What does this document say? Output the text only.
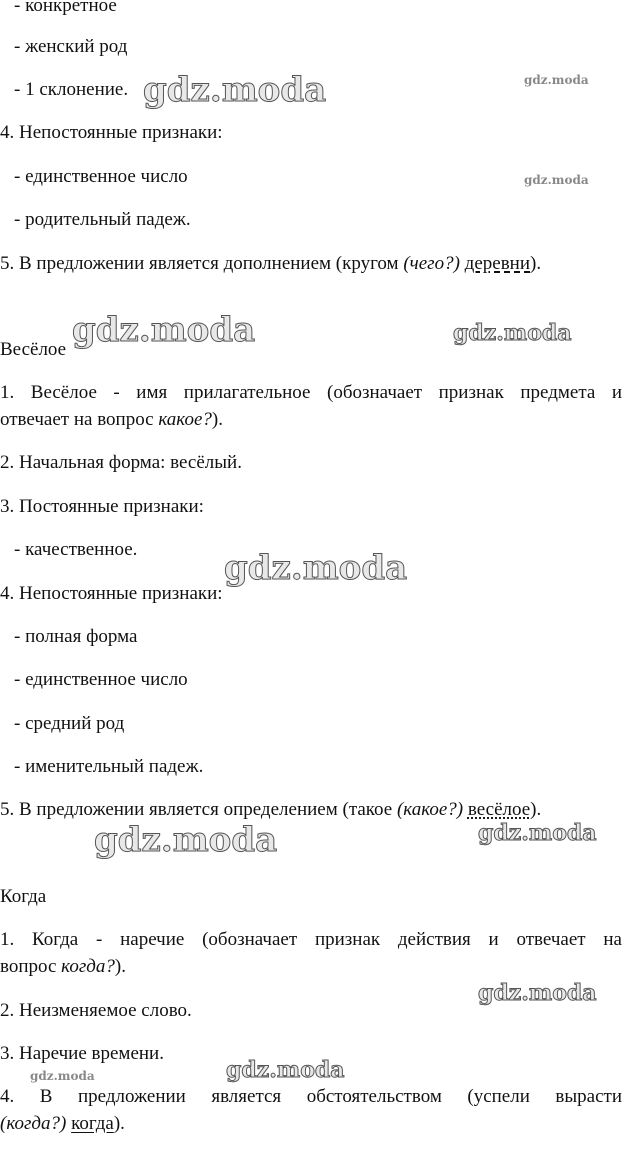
- конкретное
- женский род
- 1 склонение.
4. Непостоянные признаки:
- единственное число
- родительный падеж.
5. В предложении является дополнением (кругом (чего?) деревни).
Весёлое
1. Весёлое - имя прилагательное (обозначает признак предмета и
отвечает на вопрос какое?).
2. Начальная форма: весёлый.
3. Постоянные признаки:
- качественное.
4. Непостоянные признаки:
- полная форма
- единственное число
- средний род
- именительный падеж.
5. В предложении является определением (такое (какое?) весёлое).
Когда
1. Когда - наречие (обозначает признак действия и отвечает на
вопрос когда?).
2. Неизменяемое слово.
3. Наречие времени.
4. В предложении является обстоятельством (успели вырасти
(когда?) когда).
gdz.moda	gdz.moda
gdz.moda
gdz.moda	gdz.moda
gdz.moda
gdz.moda	gdz.moda
gdz.moda
gdz.moda
gdz.moda
